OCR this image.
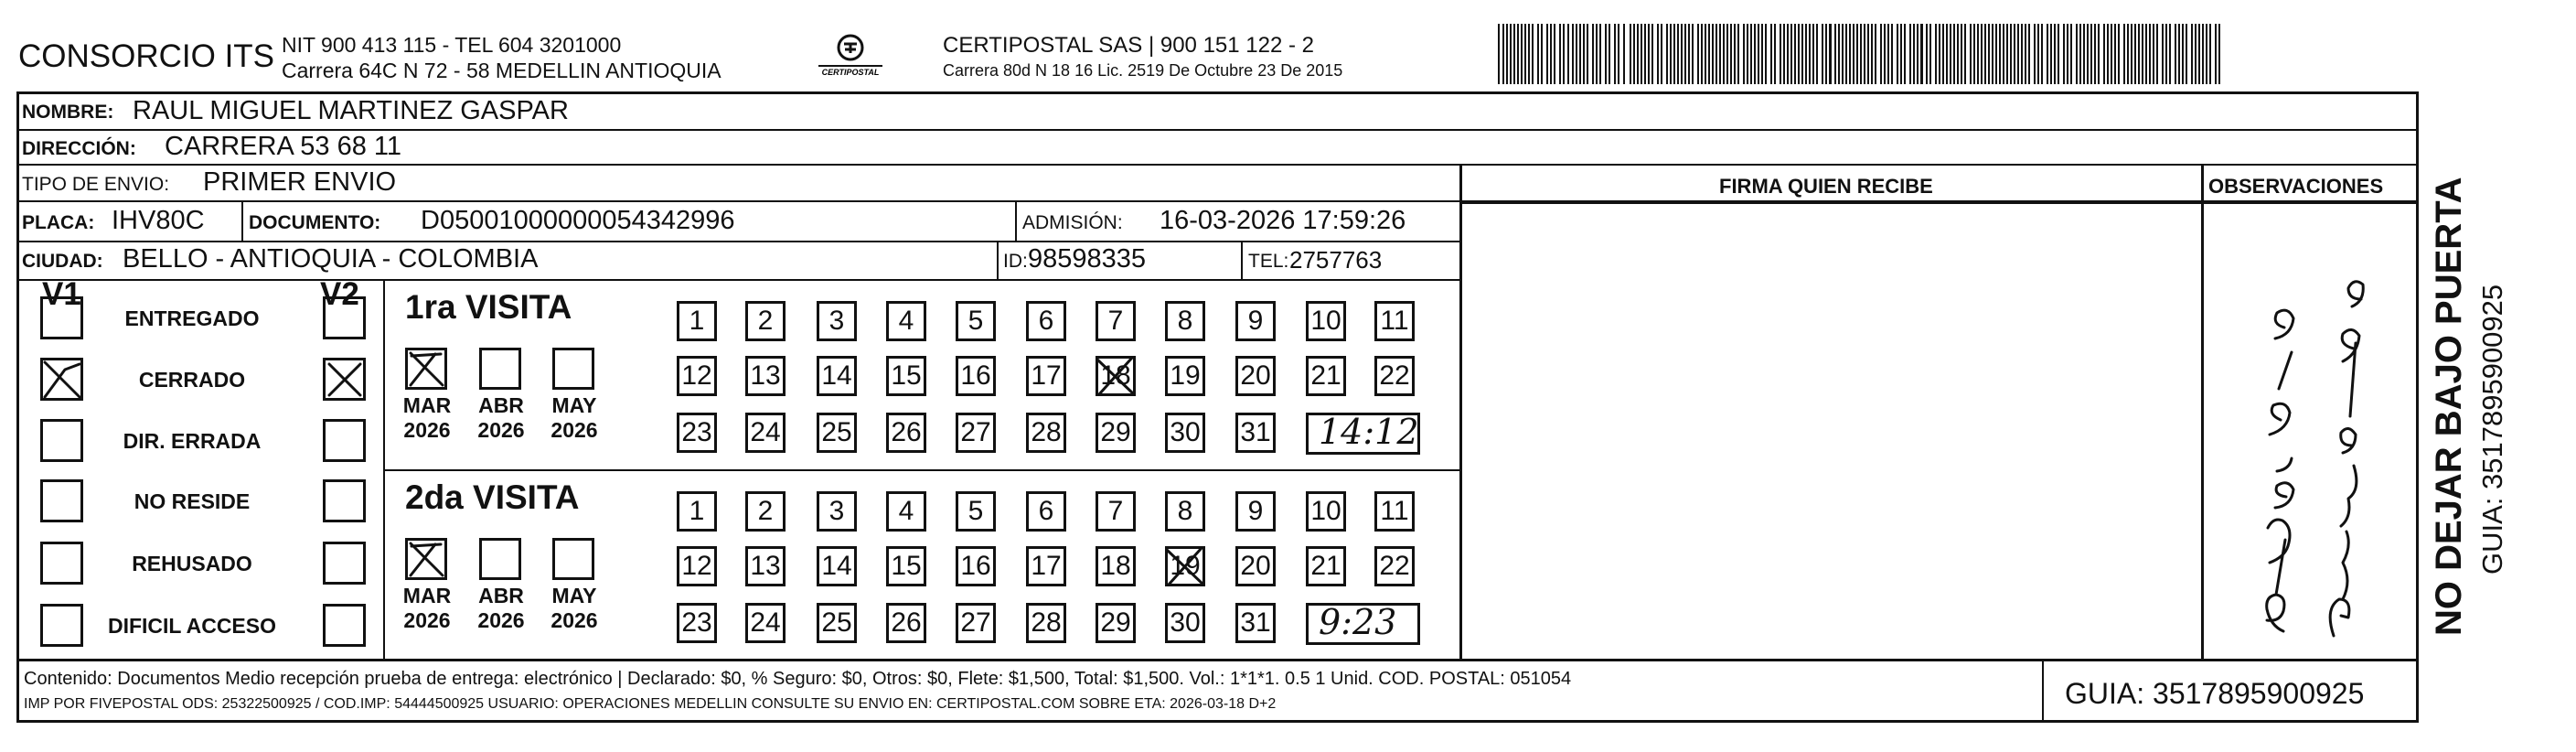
CONSORCIO ITS NIT 900 413 115 - TEL 604 3201000
Carrera 64C N 72 - 58 MEDELLIN ANTIOQUIA	CERTIPOSTAL
CERTIPOSTAL SAS | 900 151 122 - 2
Carrera 80d N 18 16 Lic. 2519 De Octubre 23 De 2015
NOMBRE: RAUL MIGUEL MARTINEZ GASPAR
DIRECCIÓN: CARRERA 53 68 11
TIPO DE ENVIO: PRIMER ENVIO
PLACA: IHV80C DOCUMENTO: D05001000000054342996	ADMISIÓN: 16-03-2026 17:59:26
CIUDAD: BELLO - ANTIOQUIA - COLOMBIA	ID: 98598335	TEL: 2757763
FIRMA QUIEN RECIBE	OBSERVACIONES
V1	V2
ENTREGADO
CERRADO
DIR. ERRADA
NO RESIDE
REHUSADO
DIFICIL ACCESO
1ra VISITA
MAR
2026
ABR
2026
MAY
2026
1	2	3	4	5	6	7	8	9	10 11
12 13 14 15 16 17 18 19 20 21 22
23 24 25 26 27 28 29 30 31 14:12
2da VISITA
MAR
2026
ABR
2026
MAY
2026
1	2	3	4	5	6	7	8	9	10 11
12 13 14 15 16 17 18 19 20 21 22
23 24 25 26 27 28 29 30 31 9:23
Contenido: Documentos Medio recepción prueba de entrega: electrónico | Declarado: $0, % Seguro: $0, Otros: $0, Flete: $1,500, Total: $1,500. Vol.: 1*1*1. 0.5 1 Unid. COD. POSTAL: 051054
IMP POR FIVEPOSTAL ODS: 25322500925 / COD.IMP: 54444500925 USUARIO: OPERACIONES MEDELLIN CONSULTE SU ENVIO EN: CERTIPOSTAL.COM SOBRE ETA: 2026-03-18 D+2	GUIA: 3517895900925
NO DEJAR BAJO PUERTA GUIA: 3517895900925
